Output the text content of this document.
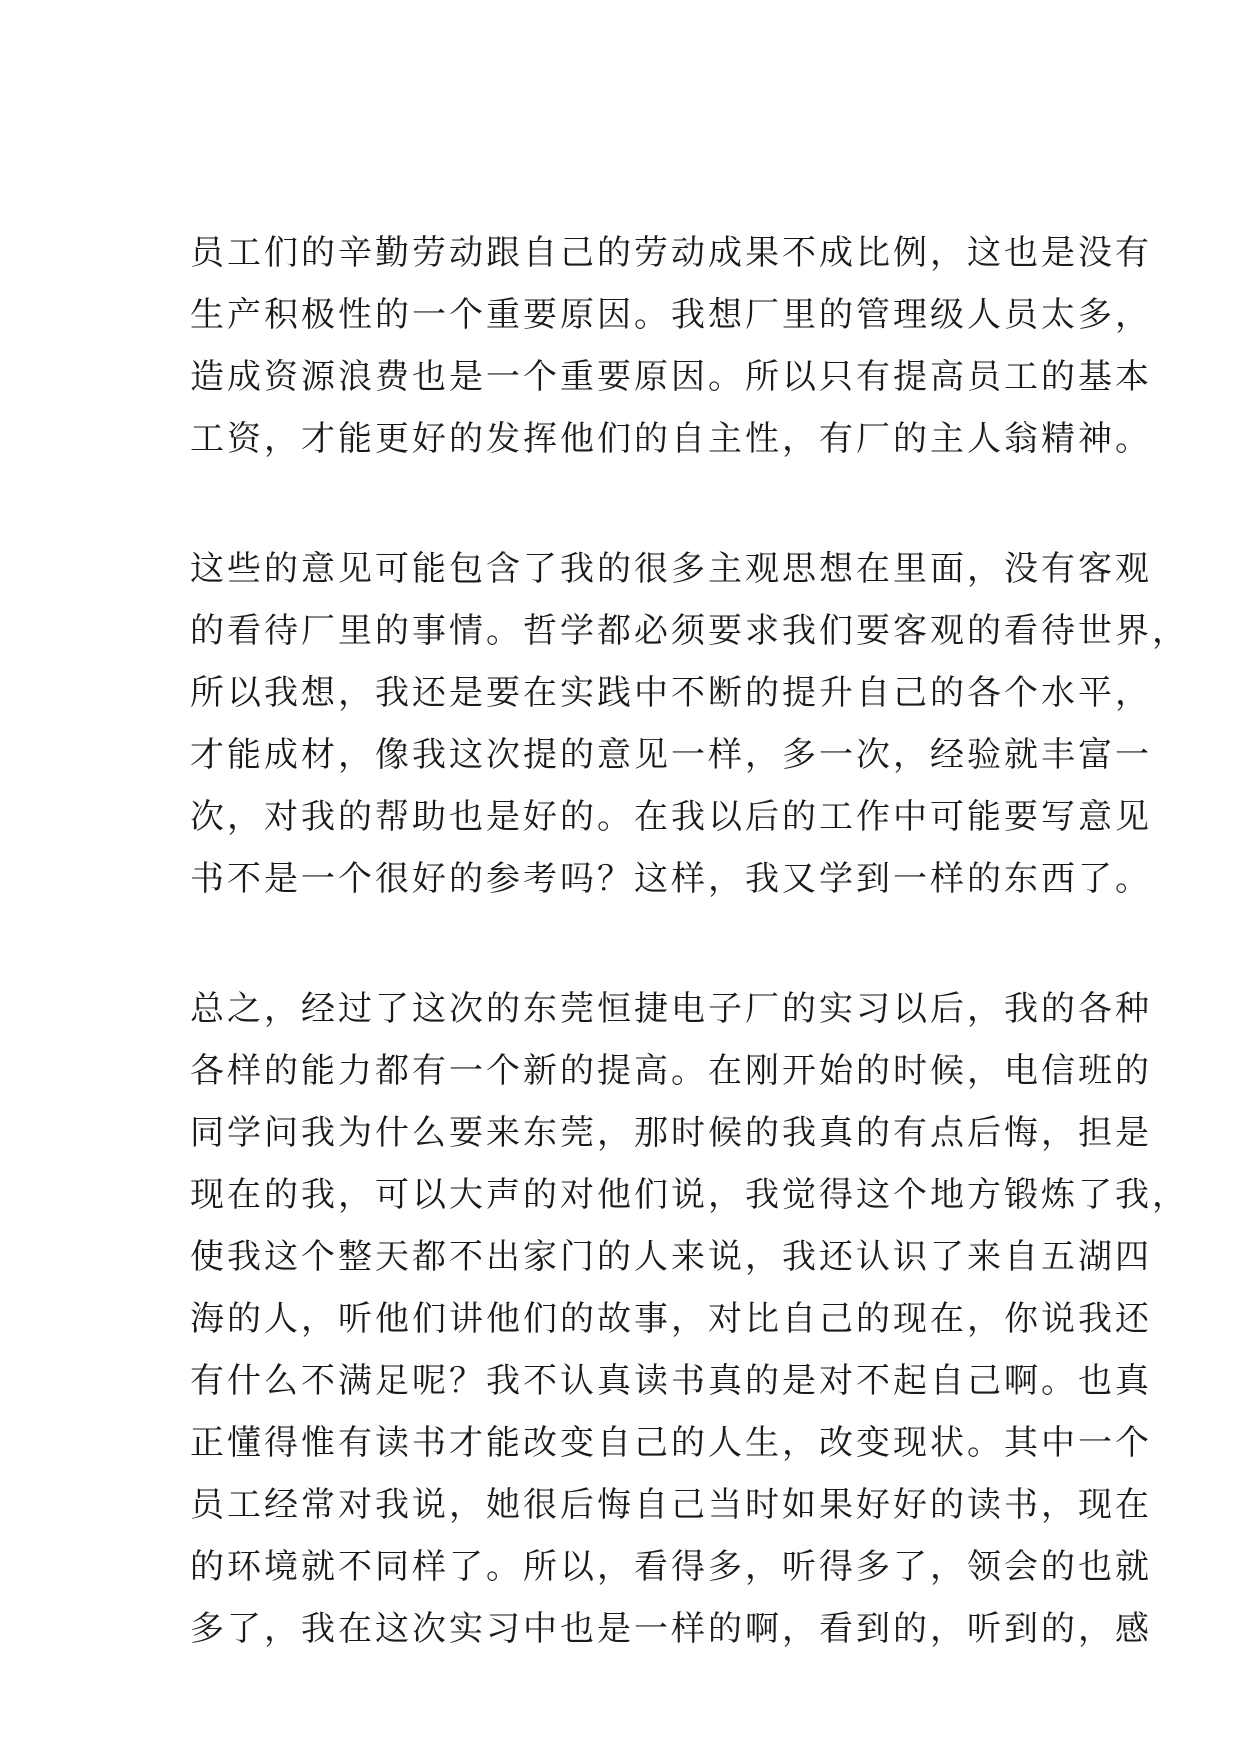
员工们的辛勤劳动跟自己的劳动成果不成比例，这也是没有
生产积极性的一个重要原因。我想厂里的管理级人员太多，
造成资源浪费也是一个重要原因。所以只有提高员工的基本
工资，才能更好的发挥他们的自主性，有厂的主人翁精神。
这些的意见可能包含了我的很多主观思想在里面，没有客观
的看待厂里的事情。哲学都必须要求我们要客观的看待世界，
所以我想，我还是要在实践中不断的提升自己的各个水平，
才能成材，像我这次提的意见一样，多一次，经验就丰富一
次，对我的帮助也是好的。在我以后的工作中可能要写意见
书不是一个很好的参考吗？这样，我又学到一样的东西了。
总之，经过了这次的东莞恒捷电子厂的实习以后，我的各种
各样的能力都有一个新的提高。在刚开始的时候，电信班的
同学问我为什么要来东莞，那时候的我真的有点后悔，担是
现在的我，可以大声的对他们说，我觉得这个地方锻炼了我，
使我这个整天都不出家门的人来说，我还认识了来自五湖四
海的人，听他们讲他们的故事，对比自己的现在，你说我还
有什么不满足呢？我不认真读书真的是对不起自己啊。也真
正懂得惟有读书才能改变自己的人生，改变现状。其中一个
员工经常对我说，她很后悔自己当时如果好好的读书，现在
的环境就不同样了。所以，看得多，听得多了，领会的也就
多了，我在这次实习中也是一样的啊，看到的，听到的，感
